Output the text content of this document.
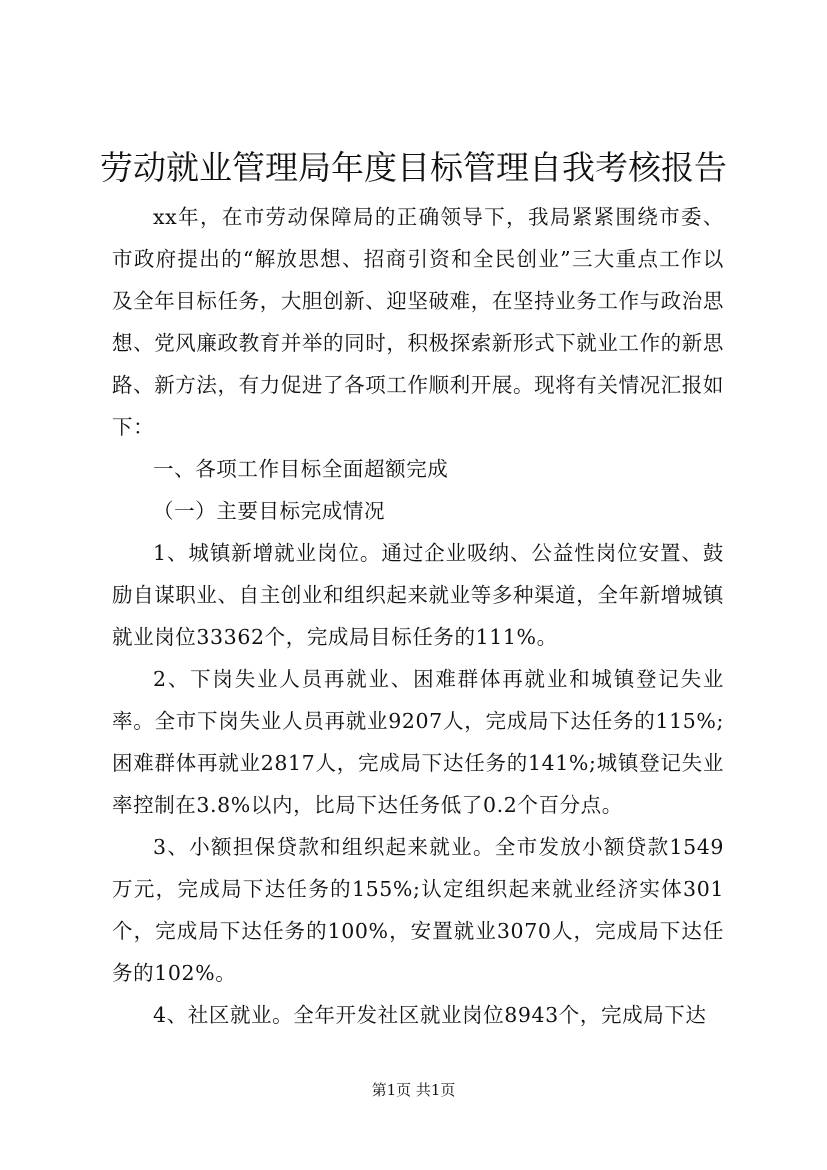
劳动就业管理局年度目标管理自我考核报告

xx年，在市劳动保障局的正确领导下，我局紧紧围绕市委、市政府提出的“解放思想、招商引资和全民创业”三大重点工作以及全年目标任务，大胆创新、迎坚破难，在坚持业务工作与政治思想、党风廉政教育并举的同时，积极探索新形式下就业工作的新思路、新方法，有力促进了各项工作顺利开展。现将有关情况汇报如下：

一、各项工作目标全面超额完成

（一）主要目标完成情况

1、城镇新增就业岗位。通过企业吸纳、公益性岗位安置、鼓励自谋职业、自主创业和组织起来就业等多种渠道，全年新增城镇就业岗位33362个，完成局目标任务的111%。

2、下岗失业人员再就业、困难群体再就业和城镇登记失业率。全市下岗失业人员再就业9207人，完成局下达任务的115%;困难群体再就业2817人，完成局下达任务的141%;城镇登记失业率控制在3.8%以内，比局下达任务低了0.2个百分点。

3、小额担保贷款和组织起来就业。全市发放小额贷款1549万元，完成局下达任务的155%;认定组织起来就业经济实体301个，完成局下达任务的100%，安置就业3070人，完成局下达任务的102%。

4、社区就业。全年开发社区就业岗位8943个，完成局下达

第1页 共1页
